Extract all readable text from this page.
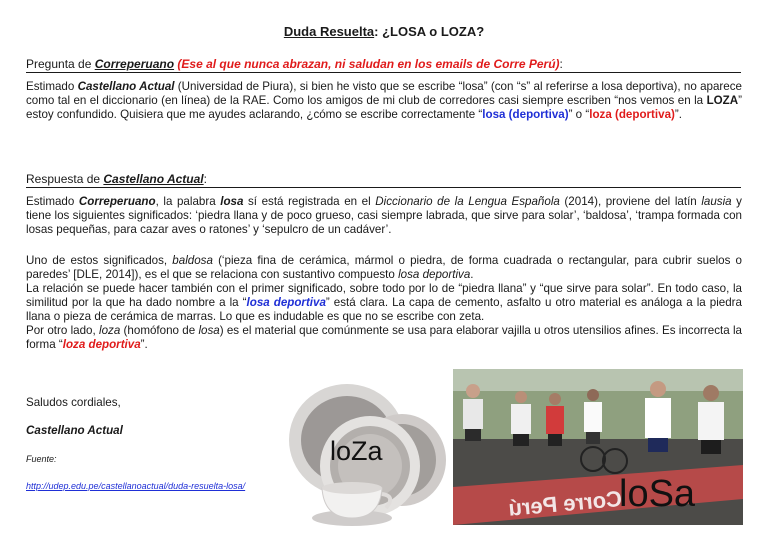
Duda Resuelta: ¿LOSA o LOZA?
Pregunta de Correperuano (Ese al que nunca abrazan, ni saludan en los emails de Corre Perú):

Estimado Castellano Actual (Universidad de Piura), si bien he visto que se escribe “losa” (con “s” al referirse a losa deportiva), no aparece como tal en el diccionario (en línea) de la RAE. Como los amigos de mi club de corredores casi siempre escriben “nos vemos en la LOZA” estoy confundido. Quisiera que me ayudes aclarando, ¿cómo se escribe correctamente “losa (deportiva)” o “loza (deportiva)”.

Respuesta de Castellano Actual:

Estimado Correperuano, la palabra losa sí está registrada en el Diccionario de la Lengua Española (2014), proviene del latín lausia y tiene los siguientes significados: ‘piedra llana y de poco grueso, casi siempre labrada, que sirve para solar’, ‘baldosa’, ‘trampa formada con losas pequeñas, para cazar aves o ratones’ y ‘sepulcro de un cadáver’.

Uno de estos significados, baldosa (‘pieza fina de cerámica, mármol o piedra, de forma cuadrada o rectangular, para cubrir suelos o paredes’ [DLE, 2014]), es el que se relaciona con sustantivo compuesto losa deportiva.
La relación se puede hacer también con el primer significado, sobre todo por lo de “piedra llana” y “que sirve para solar”. En todo caso, la similitud por la que ha dado nombre a la “losa deportiva” está clara. La capa de cemento, asfalto u otro material es análoga a la piedra llana o pieza de cerámica de marras. Lo que es indudable es que no se escribe con zeta.
Por otro lado, loza (homófono de losa) es el material que comúnmente se usa para elaborar vajilla u otros utensilios afines. Es incorrecta la forma “loza deportiva”.

Saludos cordiales,
Castellano Actual
Fuente:
http://udep.edu.pe/castellanoactual/duda-resuelta-losa/
loZa
Corre Perú
loSa
